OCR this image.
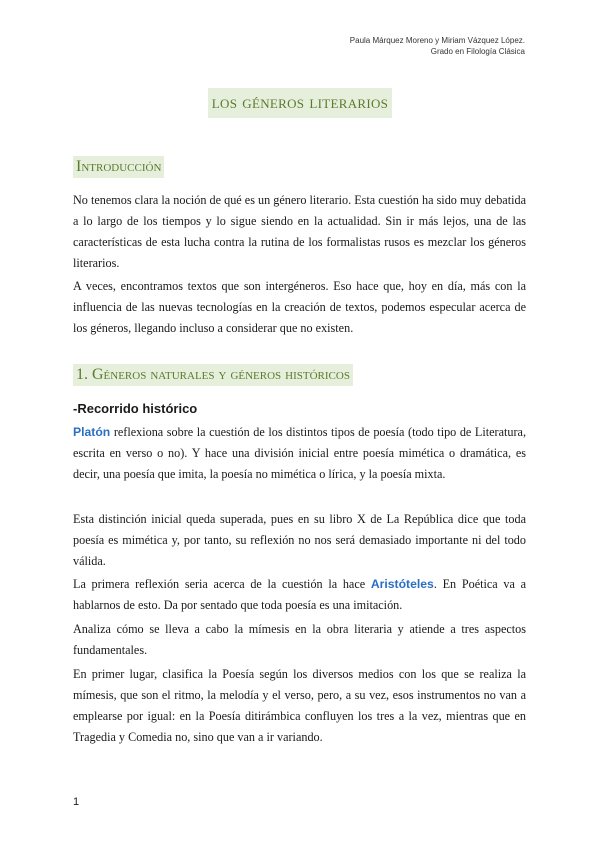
Paula Márquez Moreno y Miriam Vázquez López.
Grado en Filología Clásica
los géneros literarios
Introducción

No tenemos clara la noción de qué es un género literario. Esta cuestión ha sido muy debatida a lo largo de los tiempos y lo sigue siendo en la actualidad. Sin ir más lejos, una de las características de esta lucha contra la rutina de los formalistas rusos es mezclar los géneros literarios.

A veces, encontramos textos que son intergéneros. Eso hace que, hoy en día, más con la influencia de las nuevas tecnologías en la creación de textos, podemos especular acerca de los géneros, llegando incluso a considerar que no existen.

1. Géneros naturales y géneros históricos
-Recorrido histórico

Platón reflexiona sobre la cuestión de los distintos tipos de poesía (todo tipo de Literatura, escrita en verso o no). Y hace una división inicial entre poesía mimética o dramática, es decir, una poesía que imita, la poesía no mimética o lírica, y la poesía mixta.

Esta distinción inicial queda superada, pues en su libro X de La República dice que toda poesía es mimética y, por tanto, su reflexión no nos será demasiado importante ni del todo válida.

La primera reflexión seria acerca de la cuestión la hace Aristóteles. En Poética va a hablarnos de esto. Da por sentado que toda poesía es una imitación.

Analiza cómo se lleva a cabo la mímesis en la obra literaria y atiende a tres aspectos fundamentales.

En primer lugar, clasifica la Poesía según los diversos medios con los que se realiza la mímesis, que son el ritmo, la melodía y el verso, pero, a su vez, esos instrumentos no van a emplearse por igual: en la Poesía ditirámbica confluyen los tres a la vez, mientras que en Tragedia y Comedia no, sino que van a ir variando.

1
